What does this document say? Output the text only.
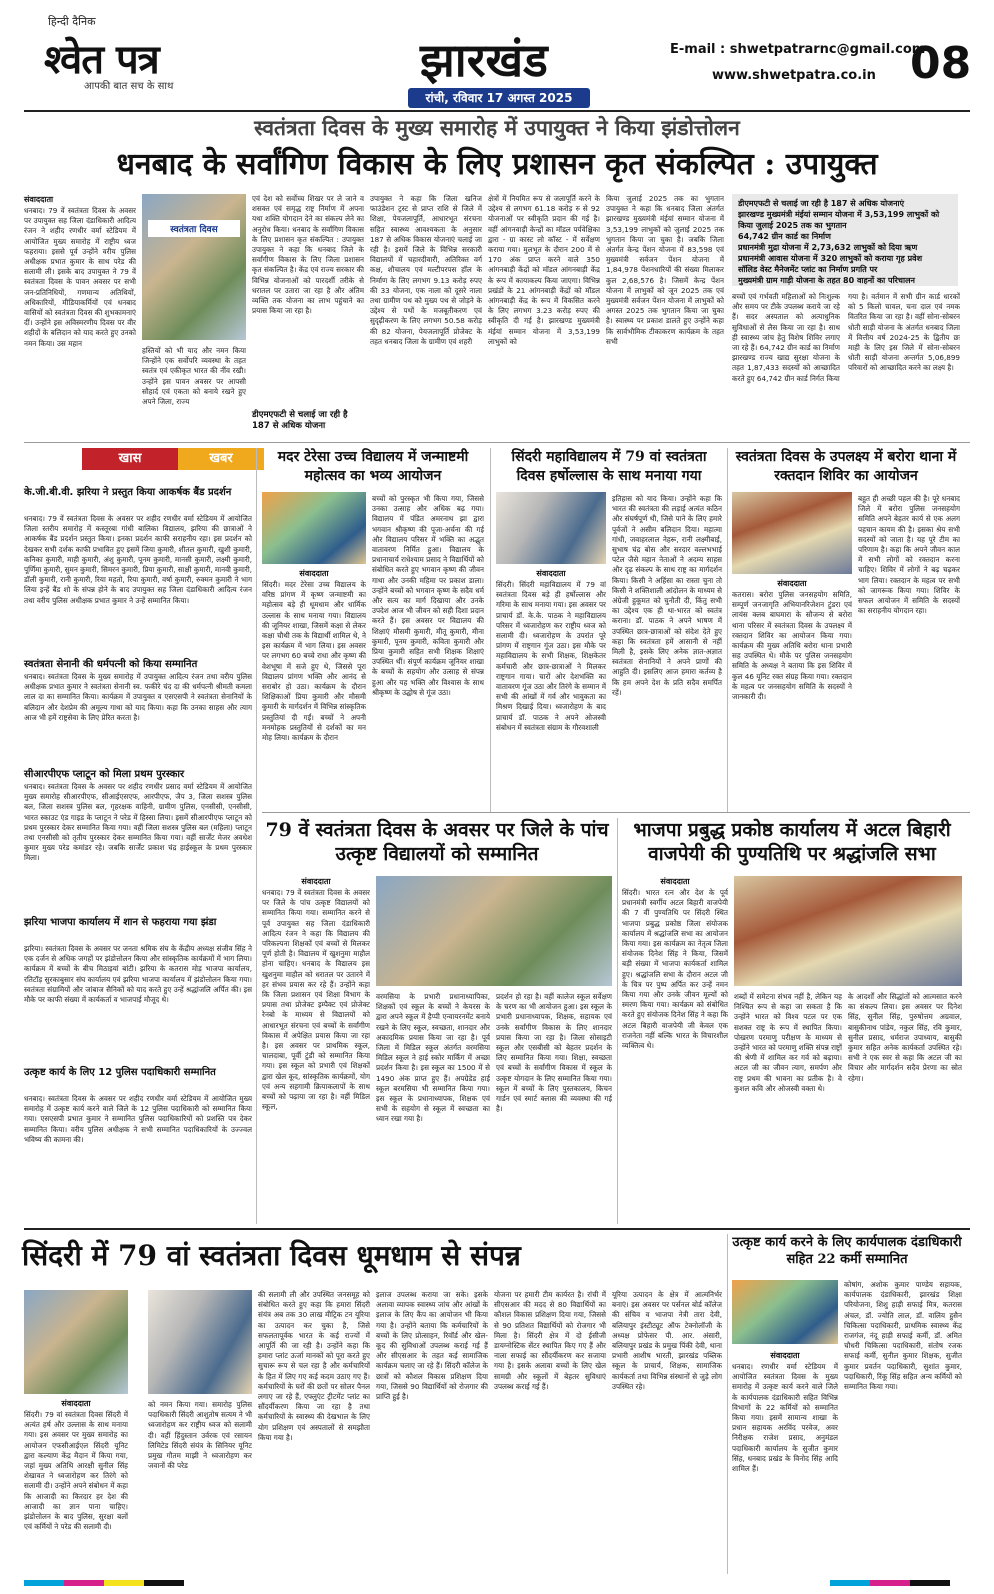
हिन्दी दैनिक
श्वेत पत्र
आपकी बात सच के साथ	झारखंड
रांची, रविवार 17 अगस्त 2025
E-mail : shwetpatrarnc@gmail.com
www.shwetpatra.co.in 08
स्वतंत्रता दिवस के मुख्य समारोह में उपायुक्त ने किया झंडोत्तोलन
धनबाद के सर्वांगिण विकास के लिए प्रशासन कृत संकल्पित : उपायुक्त
संवाददाता
धनबाद। 79 वें स्वतंत्रता दिवस के अवसर पर उपायुक्त सह जिला दंडाधिकारी आदित्य रंजन ने शहीद रणधीर वर्मा स्टेडियम में आयोजित मुख्य समारोह में राष्ट्रीय ध्वज फहराया। इससे पूर्व उन्होंने वरीय पुलिस अधीक्षक प्रभात कुमार के साथ परेड की सलामी ली। इसके बाद उपायुक्त ने 79 वें स्वतंत्रता दिवस के पावन अवसर पर सभी जन-प्रतिनिधियों, गणमान्य अतिथियों, अधिकारियों, मीडियाकर्मियों एवं धनबाद वासियों को स्वतंत्रता दिवस की शुभकामनाएं दीं। उन्होंने इस अविस्मरणीय दिवस पर वीर शहीदों के बलिदान को याद करते हुए उनको नमन किया। उस महान
स्वतंत्रता दिवस
हस्तियों को भी याद और नमन किया जिन्होंने एक सर्वोपरि व्यवस्था के तहत स्वतंत्र एवं एकीकृत भारत की नींव रखी। उन्होंने इस पावन अवसर पर आपसी सौहार्द एवं एकता को बनाये रखने हुए अपने जिला, राज्य
एवं देश को सर्वोच्च शिखर पर ले जाने व शसक्त एवं समृद्ध राष्ट्र निर्माण में अपना यथा शक्ति योगदान देने का संकल्प लेने का अनुरोध किया। धनबाद के सर्वांगिण विकास के लिए प्रशासन कृत संकल्पित : उपायुक्त उपायुक्त ने कहा कि धनबाद जिले के सर्वांगीण विकास के लिए जिला प्रशासन कृत संकल्पित है। केंद्र एवं राज्य सरकार की विभिन्न योजनाओं को पारदर्शी तरीके से धरातल पर उतारा जा रहा है और अंतिम व्यक्ति तक योजना का लाभ पहुंचाने का प्रयास किया जा रहा है।
डीएमएफटी से चलाई जा रही है 187 से अधिक योजना
उपायुक्त ने कहा कि जिला खनिज फाउंडेशन ट्रस्ट से प्राप्त राशि से जिले में शिक्षा, पेयजलापूर्ति, आधारभूत संरचना सहित स्वास्थ्य आवश्यकता के अनुसार 187 से अधिक विकास योजनाएं चलाई जा रही है। इसमें जिले के विभिन्न सरकारी विद्यालयों में चहारदीवारी, अतिरिक्त वर्ग कक्ष, शौचालय एवं मल्टीपरपस हॉल के निर्माण के लिए लगभग 9.13 करोड़ रुपए की 33 योजना, एक नाला को दूसरे नाला तथा ग्रामीण पथ को मुख्य पथ से जोड़ने के उद्देश्य से पथों के मजबूतीकरण एवं सुदृढ़ीकरण के लिए लगभग 50.58 करोड़ की 82 योजना, पेयजलापूर्ति प्रोजेक्ट के तहत धनबाद जिला के ग्रामीण एवं शहरी
क्षेत्रों में नियमित रूप से जलापूर्ति करने के उद्देश्य से लगभग 61.18 करोड़ रु से 92 योजनाओं पर स्वीकृति प्रदान की गई है। वहीं आंगनवाड़ी केन्द्रों का मॉडल पर्यवेक्षिका द्वारा - ग्रा कास्ट लो कॉस्ट - में सर्वेक्षण कराया गया। मुलभूत के दौरान 200 में से 170 अंक प्राप्त करने वाले 350 आंगनबाड़ी केंद्रों को मॉडल आंगनबाड़ी केंद्र के रूप में कायाकल्प किया जाएगा। विभिन्न प्रखंडों के 21 आंगनबाड़ी केंद्रों को मॉडल आंगनबाड़ी केंद्र के रूप में विकसित करने के लिए लगभग 3.23 करोड़ रुपए की स्वीकृति दी गई है। झारखण्ड मुख्यमंत्री मंईयां सम्मान योजना में 3,53,199 लाभुकों को
किया जुलाई 2025 तक का भुगतान उपायुक्त ने कहा कि धनबाद जिला अंतर्गत झारखण्ड मुख्यमंत्री मंईयां सम्मान योजना में 3,53,199 लाभुकों को जुलाई 2025 तक भुगतान किया जा चुका है। जबकि जिला अंतर्गत केन्द्र पेंशन योजना में 83,598 एवं मुख्यमंत्री सर्वजन पेंशन योजना में 1,84,978 पेंशनधारियों की संख्या मिलाकर कुल 2,68,576 है। जिसमें केन्द्र पेंशन योजना में लाभुकों को जून 2025 तक एवं मुख्यमंत्री सर्वजन पेंशन योजना में लाभुकों को अगस्त 2025 तक भुगतान किया जा चुका है। स्वास्थ्य पर प्रकाश डालते हुए उन्होंने कहा कि सार्वभौमिक टीकाकरण कार्यक्रम के तहत सभी
डीएमएफटी से चलाई जा रही है 187 से अधिक योजनाएं
झारखण्ड मुख्यमंत्री मंईयां सम्मान योजना में 3,53,199 लाभुकों को
किया जुलाई 2025 तक का भुगतान
64,742 ग्रीन कार्ड का निर्माण
प्रधानमंत्री मुद्रा योजना में 2,73,632 लाभुकों को दिया ऋण
प्रधानमंत्री आवास योजना में 320 लाभुकों को कराया गृह प्रवेश
सॉलिड वेस्ट मैनेजमेंट प्लांट का निर्माण प्रगति पर
मुख्यमंत्री ग्राम गाड़ी योजना के तहत 80 वाहनों का परिचालन
बच्चों एवं गर्भवती महिलाओं को निःशुल्क और समय पर टीके उपलब्ध कराये जा रहे हैं। सदर अस्पताल को अत्याधुनिक सुविधाओं से लैस किया जा रहा है। साथ ही स्वास्थ्य जांच हेतु विशेष शिविर लगाए जा रहे हैं। 64,742 ग्रीन कार्ड का निर्माण झारखण्ड राज्य खाद्य सुरक्षा योजना के तहत 1,87,433 सदस्यों को आच्छादित करते हुए 64,742 ग्रीन कार्ड निर्गत किया
गया है। वर्तमान में सभी ग्रीन कार्ड धारकों को 5 किलो चावल, चना दाल एवं नमक वितरित किया जा रहा है। वहीं सोना-सोबरन धोती साड़ी योजना के अंतर्गत धनबाद जिला में वित्तीय वर्ष 2024-25 के द्वितीय छः माही के लिए इस जिले में सोना-सोबरन धोती साड़ी योजना अन्तर्गत 5,06,899 परिवारों को आच्छादित करने का लक्ष्य है।
खास	खबर
के.जी.बी.वी. झरिया ने प्रस्तुत किया आकर्षक बैंड प्रदर्शन
धनबाद। 79 वें स्वतंत्रता दिवस के अवसर पर शहीद रणधीर वर्मा स्टेडियम में आयोजित जिला स्तरीय समारोह में कस्तूरबा गांधी बालिका विद्यालय, झरिया की छात्राओं ने आकर्षक बैंड प्रदर्शन प्रस्तुत किया। इनका प्रदर्शन काफी सराहनीय रहा। इस प्रदर्शन को देखकर सभी दर्शक काफी प्रभावित हुए इसमें जिया कुमारी, शीतल कुमारी, खुशी कुमारी, कनिका कुमारी, माही कुमारी, अंशु कुमारी, पूनम कुमारी, मानसी कुमारी, लक्ष्मी कुमारी, पूर्णिमा कुमारी, सुमन कुमारी, सिमरन कुमारी, प्रिया कुमारी, साक्षी कुमारी, मानवी कुमारी, डॉली कुमारी, रानी कुमारी, रिया महतो, रिया कुमारी, वर्षा कुमारी, रुक्मन कुमारी ने भाग लिया इन्हें बैंड शो के संपन्न होने के बाद उपायुक्त सह जिला दंडाधिकारी आदित्य रंजन तथा वरीय पुलिस अधीक्षक प्रभात कुमार ने उन्हें सम्मानित किया।
स्वतंत्रता सेनानी की धर्मपत्नी को किया सम्मानित
धनबाद। स्वतंत्रता दिवस के मुख्य समारोह में उपायुक्त आदित्य रंजन तथा वरीय पुलिस अधीक्षक प्रभात कुमार ने स्वतंत्रता सेनानी स्व. फकीरे चंद दा की धर्मपत्नी श्रीमती कमला लाल दा का सम्मानित किया। कार्यक्रम में उपायुक्त व एसएसपी ने स्वतंत्रता सेनानियों के बलिदान और देशप्रेम की अमूल्य गाथा को याद किया। कहा कि उनका साहस और त्याग आज भी हमें राष्ट्रसेवा के लिए प्रेरित करता है।
सीआरपीएफ प्लाटून को मिला प्रथम पुरस्कार
धनबाद। स्वतंत्रता दिवस के अवसर पर शहीद रणधीर प्रसाद वर्मा स्टेडियम में आयोजित मुख्य समारोह सीआरपीएफ, सीआईएसएफ, आरपीएफ, जैप 3, जिला सशस्त्र पुलिस बल, जिला सशस्त्र पुलिस बल, गृहरक्षक वाहिनी, ग्रामीण पुलिस, एनसीसी, एनसीसी, भारत स्काउट एंड गाइड के प्लाटून ने परेड में हिस्सा लिया। इसमें सीआरपीएफ प्लाटून को प्रथम पुरस्कार देकर सम्मानित किया गया। वहीं जिला सशस्त्र पुलिस बल (महिला) प्लाटून तथा एनसीसी को तृतीय पुरस्कार देकर सम्मानित किया गया। वहीं सार्जेंट मेजर अवधेश कुमार मुख्य परेड कमांडर रहे। जबकि सार्जेंट प्रकाश चंद्र हाईस्कूल के प्रथम पुरस्कार मिला।
झरिया भाजपा कार्यालय में शान से फहराया गया झंडा
झरिया। स्वतंत्रता दिवस के अवसर पर जनता श्रमिक संघ के केंद्रीय अध्यक्ष संजीव सिंह ने एक दर्जन से अधिक जगहों पर झंडोत्तोलन किया और सांस्कृतिक कार्यक्रमों में भाग लिया। कार्यक्रम में बच्चों के बीच मिठाइयां बांटी। झरिया के कतरास मोड़ भाजपा कार्यालय, रतिटॉड़ सुरकाबुसार संघ कार्यालय एवं झरिया भाजपा कार्यालय में झंडोत्तोलन किया गया। स्वतंत्रता संग्रामियों और जांबाज सैनिकों को याद करते हुए उन्हें श्रद्धांजलि अर्पित की। इस मौके पर काफी संख्या में कार्यकर्ता व भाजपाई मौजूद थे।
उत्कृष्ट कार्य के लिए 12 पुलिस पदाधिकारी सम्मानित
धनबाद। स्वतंत्रता दिवस के अवसर पर शहीद रणधीर वर्मा स्टेडियम में आयोजित मुख्य समारोह में उत्कृष्ट कार्य करने वाले जिले के 12 पुलिस पदाधिकारी को सम्मानित किया गया। एसएसपी प्रभात कुमार ने सम्मानित पुलिस पदाधिकारियों को प्रशस्ति पत्र देकर सम्मानित किया। वरीय पुलिस अधीक्षक ने सभी सम्मानित पदाधिकारियों के उज्ज्वल भविष्य की कामना की।
मदर टेरेसा उच्च विद्यालय में जन्माष्टमी महोत्सव का भव्य आयोजन
संवाददाता
सिंदरी। मदर टेरेसा उच्च विद्यालय के वरिष्ठ प्रांगण में कृष्ण जन्माष्टमी का महोत्सव बड़े ही धूमधाम और धार्मिक उल्लास के साथ मनाया गया। विद्यालय की जूनियर शाखा, जिसमें कक्षा से लेकर कक्षा चौथी तक के विद्यार्थी शामिल थे, ने इस कार्यक्रम में भाग लिया। इस अवसर पर लगभग 60 बच्चे राधा और कृष्ण की वेशभूषा में सजे हुए थे, जिससे पूरा विद्यालय प्रांगण भक्ति और आनंद से सराबोर हो उठा। कार्यक्रम के दौरान शिक्षिकाओं प्रिया कुमारी और मौसमी कुमारी के मार्गदर्शन में विभिन्न सांस्कृतिक प्रस्तुतियां दी गईं। बच्चों ने अपनी मनमोहक प्रस्तुतियों से दर्शकों का मन मोह लिया। कार्यक्रम के दौरान
बच्चों को पुरस्कृत भी किया गया, जिससे उनका उत्साह और अधिक बढ़ गया। विद्यालय में पंडित अमरनाथ झा द्वारा भगवान श्रीकृष्ण की पूजा-अर्चना की गई और विद्यालय परिसर में भक्ति का अद्भुत वातावरण निर्मित हुआ। विद्यालय के प्रधानाचार्य राधेश्याम प्रसाद ने विद्यार्थियों को संबोधित करते हुए भगवान कृष्ण की जीवन गाथा और उनकी महिमा पर प्रकाश डाला। उन्होंने बच्चों को भगवान कृष्ण के सदैव धर्म और सत्य का मार्ग दिखाया और उनके उपदेश आज भी जीवन को सही दिशा प्रदान करते हैं। इस अवसर पर विद्यालय की शिक्षाएं मौसमी कुमारी, मीतू कुमारी, मीना कुमारी, पूनम कुमारी, कविता कुमारी और प्रिया कुमारी सहित सभी शिक्षक शिक्षाएं उपस्थित थीं। संपूर्ण कार्यक्रम जूनियर शाखा के बच्चों के सहयोग और उत्साह से संपन्न हुआ और यह भक्ति और विश्वास के साथ श्रीकृष्ण के उद्घोष से गूंज उठा।
सिंदरी महाविद्यालय में 79 वां स्वतंत्रता दिवस हर्षोल्लास के साथ मनाया गया
संवाददाता
सिंदरी। सिंदरी महाविद्यालय में 79 वां स्वतंत्रता दिवस बड़े ही हर्षोल्लास और गरिमा के साथ मनाया गया। इस अवसर पर प्राचार्य डॉ. के.के. पाठक ने महाविद्यालय परिसर में ध्वजारोहण कर राष्ट्रीय ध्वज को सलामी दी। ध्वजारोहण के उपरांत पूरे प्रांगण में राष्ट्रगान गूंज उठा। इस मौके पर महाविद्यालय के सभी शिक्षक, शिक्षकेतर कर्मचारी और छात्र-छात्राओं ने मिलकर राष्ट्रगान गाया। चारों ओर देशभक्ति का वातावरण गूंज उठा और तिरंगे के सम्मान में सभी की आंखों में गर्व और भावुकता का मिश्रण दिखाई दिया। ध्वजारोहण के बाद प्राचार्य डॉ. पाठक ने अपने ओजस्वी संबोधन में स्वतंत्रता संग्राम के गौरवशाली
इतिहास को याद किया। उन्होंने कहा कि भारत की स्वतंत्रता की लड़ाई अत्यंत कठिन और संघर्षपूर्ण थी, जिसे पाने के लिए हमारे पूर्वजों ने असीम बलिदान दिया। महात्मा गांधी, जवाहरलाल नेहरू, रानी लक्ष्मीबाई, सुभाष चंद्र बोस और सरदार वल्लभभाई पटेल जैसे महान नेताओं ने अदम्य साहस और दृढ़ संकल्प के साथ राष्ट्र का मार्गदर्शन किया। किसी ने अहिंसा का रास्ता चुना तो किसी ने शक्तिशाली आंदोलन के माध्यम से अंग्रेजी हुकूमत को चुनौती दी, किंतु सभी का उद्देश्य एक ही था-भारत को स्वतंत्र कराना। डॉ. पाठक ने अपने भाषण में उपस्थित छात्र-छात्राओं को संदेश देते हुए कहा कि स्वतंत्रता हमें आसानी से नहीं मिली है, इसके लिए अनेक ज्ञात-अज्ञात स्वतंत्रता सेनानियों ने अपने प्राणों की आहुति दी। इसलिए आज हमारा कर्तव्य है कि हम अपने देश के प्रति सदैव समर्पित रहें।
स्वतंत्रता दिवस के उपलक्ष्य में बरोरा थाना में रक्तदान शिविर का आयोजन
संवाददाता
कतरास। बरोरा पुलिस जनसहयोग समिति, सम्पूर्ण जनजागृति अभियानरिजेशन टुंडरा एवं लायंस क्लब बाघमारा के सौजन्य से बरोरा थाना परिसर में स्वतंत्रता दिवस के उपलक्ष्य में रक्तदान शिविर का आयोजन किया गया। कार्यक्रम की मुख्य अतिथि बरोरा थाना प्रभारी सह उपस्थित थे। मौके पर पुलिस जनसहयोग समिति के अध्यक्ष ने बताया कि इस शिविर में कुल 46 यूनिट रक्त संग्रह किया गया। रक्तदान के महत्व पर जनसहयोग समिति के सदस्यों ने जानकारी दी।
बहुत ही अच्छी पहल की है। पूरे धनबाद जिले में बरोरा पुलिस जनसहयोग समिति अपने बेहतर कार्य से एक अलग पहचान कायम की है। इसका श्रेय सभी सदस्यों को जाता है। यह पूरे टीम का परिणाम है। कहा कि अपने जीवन काल में सभी लोगों को रक्तदान करना चाहिए। शिविर में लोगों ने बढ़ चढ़कर भाग लिया। रक्तदान के महत्व पर सभी को जागरूक किया गया। शिविर के सफल आयोजन में समिति के सदस्यों का सराहनीय योगदान रहा।
79 वें स्वतंत्रता दिवस के अवसर पर जिले के पांच उत्कृष्ट विद्यालयों को सम्मानित
संवाददाता
धनबाद। 79 वें स्वतंत्रता दिवस के अवसर पर जिले के पांच उत्कृष्ट विद्यालयों को सम्मानित किया गया। सम्मानित करने से पूर्व उपायुक्त सह जिला दंडाधिकारी आदित्य रंजन ने कहा कि विद्यालय की परिकल्पना शिक्षकों एवं बच्चों से मिलकर पूर्ण होती है। विद्यालय में खुशनुमा माहौल होना चाहिए। धनबाद के विद्यालय इस खुशनुमा माहौल को धरातल पर उतारने में हर संभव प्रयास कर रहे हैं। उन्होंने कहा कि जिला प्रशासन एवं शिक्षा विभाग के प्रयास तथा प्रोजेक्ट इम्पैक्ट एवं प्रोजेक्ट रेनबो के माध्यम से विद्यालयों को आधारभूत संरचना एवं बच्चों के सर्वांगीण विकास में अपेक्षित प्रयास किया जा रहा है। इस अवसर पर प्राथमिक स्कूल, चालदाबा, पूर्वी टुंडी को सम्मानित किया गया। इस स्कूल को प्रभारी एवं शिक्षकों द्वारा खेल कूद, सांस्कृतिक कार्यक्रमों, योग एवं अन्य सहगामी क्रियाकलापों के साथ बच्चों को पढ़ाया जा रहा है। वहीं मिडिल स्कूल,
वरमसिया के प्रभारी प्रधानाध्यापिका, शिक्षकों एवं स्कूल के बच्चों ने केयरस के द्वारा अपने स्कूल में हैप्पी एन्वायरनमेंट बनाये रखने के लिए स्कूल, स्वच्छता, शानदार और अकादमिक प्रयास किया जा रहा है। पूर्व जिला में मिडिल स्कूल अंतर्गत वरमसिया मिडिल स्कूल ने हाई स्कोर मार्किंग में अच्छा प्रदर्शन किया है। इस स्कूल का 1500 में से 1490 अंक प्राप्त हुए हैं। अपग्रेडेड हाई स्कूल बरमसिया भी सम्मानित किया गया। इस स्कूल के प्रधानाध्यापक, शिक्षक एवं सभी के सहयोग से स्कूल में स्वच्छता का ध्यान रखा गया है।
प्रदर्शन हो रहा है। वहीं कालेज स्कूल सर्वेक्षण के चरण का भी आयोजन हुआ। इस स्कूल के प्रभारी प्रधानाध्यापक, शिक्षक, सहायक एवं उनके सर्वांगीण विकास के लिए शानदार प्रयास किया जा रहा है। जिला सोसाइटी स्कूल और एसबीसी को बेहतर प्रदर्शन के लिए सम्मानित किया गया। शिक्षा, स्वच्छता एवं बच्चों के सर्वांगीण विकास में स्कूल के उत्कृष्ट योगदान के लिए सम्मानित किया गया। स्कूल में बच्चों के लिए पुस्तकालय, किचन गार्डन एवं स्मार्ट क्लास की व्यवस्था की गई है।
भाजपा प्रबुद्ध प्रकोष्ठ कार्यालय में अटल बिहारी वाजपेयी की पुण्यतिथि पर श्रद्धांजलि सभा
संवाददाता
सिंदरी। भारत रत्न और देश के पूर्व प्रधानमंत्री स्वर्गीय अटल बिहारी वाजपेयी की 7 वीं पुण्यतिथि पर सिंदरी स्थित भाजपा प्रबुद्ध प्रकोष्ठ जिला संयोजक कार्यालय में श्रद्धांजलि सभा का आयोजन किया गया। इस कार्यक्रम का नेतृत्व जिला संयोजक दिनेश सिंह ने किया, जिसमें बड़ी संख्या में भाजपा कार्यकर्ता शामिल हुए। श्रद्धांजलि सभा के दौरान अटल जी के चित्र पर पुष्प अर्पित कर उन्हें नमन किया गया और उनके जीवन मूल्यों को स्मरण किया गया। कार्यक्रम को संबोधित करते हुए संयोजक दिनेश सिंह ने कहा कि अटल बिहारी वाजपेयी जी केवल एक राजनेता नहीं बल्कि भारत के विचारशील व्यक्तित्व थे।
शब्दों में समेटना संभव नहीं है, लेकिन यह निश्चित रूप से कहा जा सकता है कि उन्होंने भारत को विश्व पटल पर एक सशक्त राष्ट्र के रूप में स्थापित किया। पोखरण परमाणु परीक्षण के माध्यम से उन्होंने भारत को परमाणु शक्ति संपन्न राष्ट्रों की श्रेणी में शामिल कर गर्व को बढ़ाया। अटल जी का जीवन त्याग, समर्पण और राष्ट्र प्रथम की भावना का प्रतीक है। वे कुशल कवि और ओजस्वी वक्ता थे।
के आदर्शों और सिद्धांतों को आत्मसात करने का संकल्प लिया। इस अवसर पर दिनेश सिंह, सुनील सिंह, पुरुषोत्तम अग्रवाल, बासुकीनाथ पांडेय, नकुल सिंह, रवि कुमार, सुनील प्रसाद, धर्मराज उपाध्याय, बासुकी कुमार सहित अनेक कार्यकर्ता उपस्थित रहे। सभी ने एक स्वर से कहा कि अटल जी का विचार और मार्गदर्शन सदैव प्रेरणा का स्रोत रहेगा।
सिंदरी में 79 वां स्वतंत्रता दिवस धूमधाम से संपन्न
संवाददाता
सिंदरी। 79 वां स्वतंत्रता दिवस सिंदरी में अत्यंत हर्ष और उल्लास के साथ मनाया गया। इस अवसर पर मुख्य समारोह का आयोजन एफसीआईएल सिंदरी यूनिट द्वारा कल्याण केंद्र मैदान में किया गया, जहां मुख्य अतिथि आरक्षी सुनील सिंह शेखावत ने ध्वजारोहण कर तिरंगे को सलामी दी। उन्होंने अपने संबोधन में कहा कि आजादी का किरदार हर देश की आजादी का ज्ञान पाना चाहिए। झंडोत्तोलन के बाद पुलिस, सुरक्षा बलों एवं कर्मियों ने परेड की सलामी दी।
को नमन किया गया। समारोह पुलिस पदाधिकारी सिंदरी आशुतोष सत्यम ने भी ध्वजारोहण कर राष्ट्रीय ध्वज को सलामी दी। वहीं हिंदुस्तान उर्वरक एवं रसायन लिमिटेड सिंदरी संयंत्र के सिनियर यूनिट प्रमुख गौतम माझी ने ध्वजारोहण कर जवानों की परेड
की सलामी ली और उपस्थित जनसमूह को संबोधित करते हुए कहा कि हमारा सिंदरी संयंत्र अब तक 30 लाख मीट्रिक टन यूरिया का उत्पादन कर चुका है, जिसे सफलतापूर्वक भारत के कई राज्यों में आपूर्ति की जा रही है। उन्होंने कहा कि हमारा प्लांट ऊर्जा मानकों को पूरा करते हुए सुचारू रूप से चल रहा है और कर्मचारियों के हित में लिए गए कई कदम उठाए गए हैं। कर्मचारियों के घरों की छतों पर सोलर पैनल लगाए जा रहे हैं, एफ्लुएंट ट्रीटमेंट प्लांट का सौंदर्यीकरण किया जा रहा है तथा कर्मचारियों के स्वास्थ्य की देखभाल के लिए योग प्रशिक्षण एवं अस्पतालों से समझौता किया गया है।
इलाज उपलब्ध कराया जा सके। इसके अलावा व्यापक स्वास्थ्य जांच और आंखों के इलाज के लिए कैंप का आयोजन भी किया गया है। उन्होंने बताया कि कर्मचारियों के बच्चों के लिए प्रोत्साहन, रिवॉर्ड और खेल-कूद की सुविधाओं उपलब्ध कराई गई हैं और सीएसआर के तहत कई सामाजिक कार्यक्रम चलाए जा रहे हैं। सिंदरी कॉलेज के छात्रों को कौशल विकास प्रशिक्षण दिया गया, जिससे 90 विद्यार्थियों को रोजगार की प्राप्ति हुई है।
योजना पर हमारी टीम कार्यरत है। रांची में सीएसआर की मदद से 80 विद्यार्थियों का कौशल विकास प्रशिक्षण दिया गया, जिससे से 90 प्रतिशत विद्यार्थियों को रोजगार भी मिला है। सिंदरी क्षेत्र में दो ईसीजी डायग्नोस्टिक सेंटर स्थापित किए गए हैं और नाला सफाई का सौंदर्यीकरण कर सजाया गया है। इसके अलावा बच्चों के लिए खेल सामग्री और स्कूलों में बेहतर सुविधाएं उपलब्ध कराई गई हैं।
यूरिया उत्पादन के क्षेत्र में आत्मनिर्भर बनाएं। इस अवसर पर पर्सनल बोर्ड कॉलेज की संचिव व भाजपा नेत्री तारा देवी, बलियापुर इंस्टीट्यूट ऑफ टेक्नोलॉजी के अध्यक्ष प्रोफेसर पी. आर. अंसारी, बलियापुर प्रखंड के प्रमुख पिंकी देवी, थाना प्रभारी आशीष भारती, झारखंड पब्लिक स्कूल के प्राचार्य, शिक्षक, सामाजिक कार्यकर्ता तथा विभिन्न संस्थानों से जुड़े लोग उपस्थित रहे।
उत्कृष्ट कार्य करने के लिए कार्यपालक दंडाधिकारी सहित 22 कर्मी सम्मानित
संवाददाता
धनबाद। रणधीर वर्मा स्टेडियम में आयोजित स्वतंत्रता दिवस के मुख्य समारोह में उत्कृष्ट कार्य करने वाले जिले के कार्यपालक दंडाधिकारी सहित विभिन्न विभागों के 22 कर्मियों को सम्मानित किया गया। इसमें सामान्य शाखा के प्रधान सहायक अरविंद परवेज, अवर निरीक्षक राजेश प्रसाद, अनुमंडल पदाधिकारी कार्यालय के सुजीत कुमार सिंह, धनबाद प्रखंड के विनोद सिंह आदि शामिल हैं।
कोषांग, अशोक कुमार पाण्डेय सहायक, कार्यपालक दंडाधिकारी, झारखंड शिक्षा परियोजना, शिशु हाड़ी सफाई मित्र, कतरास अंचल, डॉ. ज्योति लाल, डॉ. वालिय हुसैन चिकित्सा पदाधिकारी, प्राथमिक स्वास्थ्य केंद्र राजगंज, नंदू हाड़ी सफाई कर्मी, डॉ. अमित चौधरी चिकित्सा पदाधिकारी, संतोष रजक सफाई कर्मी, सुनील कुमार शिक्षक, सुजीत कुमार प्रवर्तन पदाधिकारी, सुशांत कुमार, पदाधिकारी, रिंकू सिंह सहित अन्य कर्मियों को सम्मानित किया गया।
